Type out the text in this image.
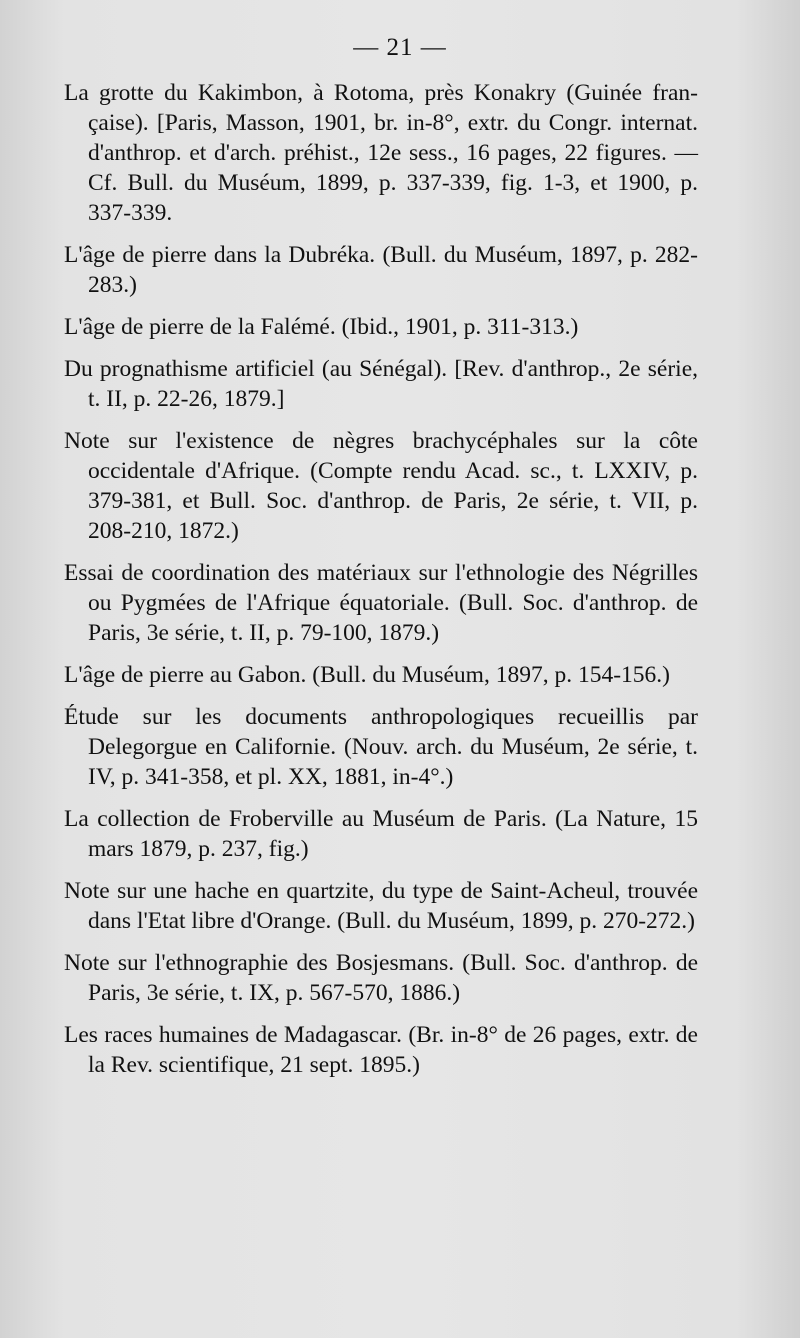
— 21 —

La grotte du Kakimbon, à Rotoma, près Konakry (Guinée fran-çaise). [Paris, Masson, 1901, br. in-8°, extr. du Congr. internat. d'anthrop. et d'arch. préhist., 12e sess., 16 pages, 22 figures. — Cf. Bull. du Muséum, 1899, p. 337-339, fig. 1-3, et 1900, p. 337-339.

L'âge de pierre dans la Dubréka. (Bull. du Muséum, 1897, p. 282-283.)

L'âge de pierre de la Falémé. (Ibid., 1901, p. 311-313.)

Du prognathisme artificiel (au Sénégal). [Rev. d'anthrop., 2e série, t. II, p. 22-26, 1879.]

Note sur l'existence de nègres brachycéphales sur la côte occidentale d'Afrique. (Compte rendu Acad. sc., t. LXXIV, p. 379-381, et Bull. Soc. d'anthrop. de Paris, 2e série, t. VII, p. 208-210, 1872.)

Essai de coordination des matériaux sur l'ethnologie des Négrilles ou Pygmées de l'Afrique équatoriale. (Bull. Soc. d'anthrop. de Paris, 3e série, t. II, p. 79-100, 1879.)

L'âge de pierre au Gabon. (Bull. du Muséum, 1897, p. 154-156.)

Étude sur les documents anthropologiques recueillis par Delegorgue en Californie. (Nouv. arch. du Muséum, 2e série, t. IV, p. 341-358, et pl. XX, 1881, in-4°.)

La collection de Froberville au Muséum de Paris. (La Nature, 15 mars 1879, p. 237, fig.)

Note sur une hache en quartzite, du type de Saint-Acheul, trouvée dans l'Etat libre d'Orange. (Bull. du Muséum, 1899, p. 270-272.)

Note sur l'ethnographie des Bosjesmans. (Bull. Soc. d'anthrop. de Paris, 3e série, t. IX, p. 567-570, 1886.)

Les races humaines de Madagascar. (Br. in-8° de 26 pages, extr. de la Rev. scientifique, 21 sept. 1895.)
